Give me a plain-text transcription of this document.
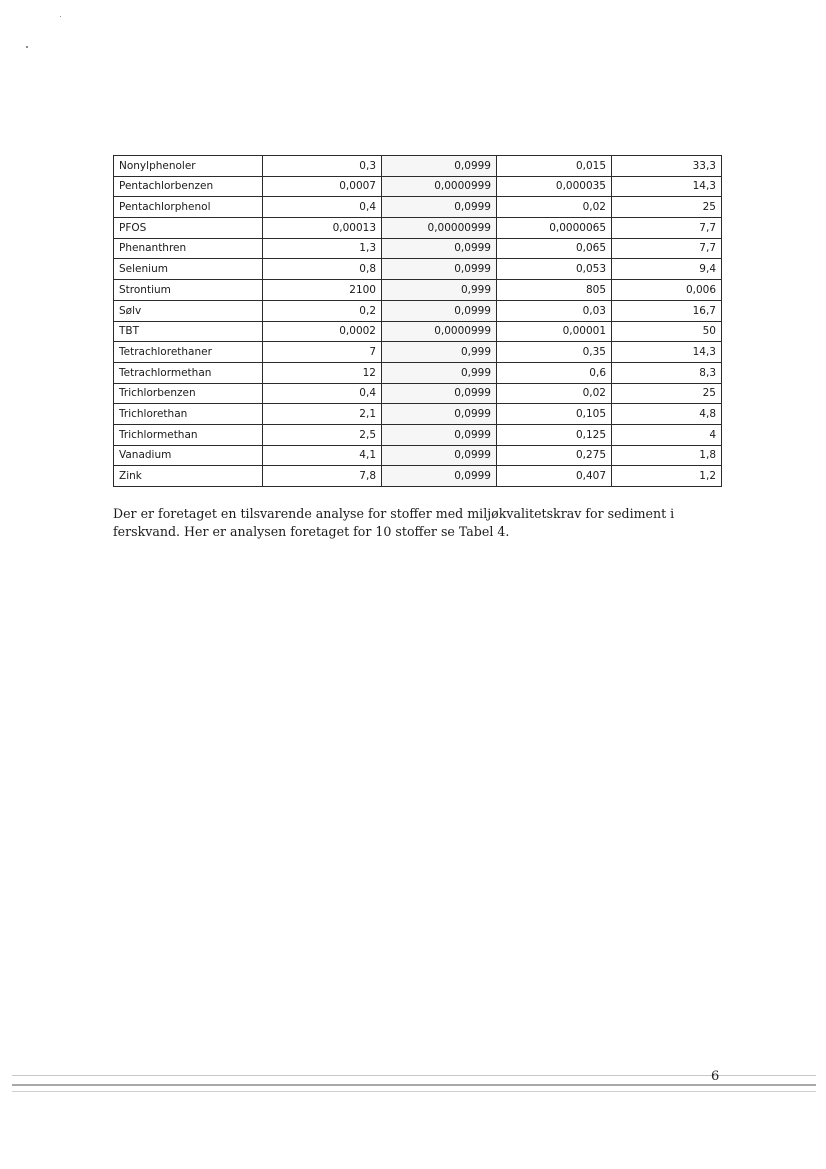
Nonylphenoler	0,3	0,0999	0,015	33,3
Pentachlorbenzen	0,0007	0,0000999	0,000035	14,3
Pentachlorphenol	0,4	0,0999	0,02	25
PFOS	0,00013	0,00000999	0,0000065	7,7
Phenanthren	1,3	0,0999	0,065	7,7
Selenium	0,8	0,0999	0,053	9,4
Strontium	2100	0,999	805	0,006
Sølv	0,2	0,0999	0,03	16,7
TBT	0,0002	0,0000999	0,00001	50
Tetrachlorethaner	7	0,999	0,35	14,3
Tetrachlormethan	12	0,999	0,6	8,3
Trichlorbenzen	0,4	0,0999	0,02	25
Trichlorethan	2,1	0,0999	0,105	4,8
Trichlormethan	2,5	0,0999	0,125	4
Vanadium	4,1	0,0999	0,275	1,8
Zink	7,8	0,0999	0,407	1,2

Der er foretaget en tilsvarende analyse for stoffer med miljøkvalitetskrav for sediment i ferskvand. Her er analysen foretaget for 10 stoffer se Tabel 4.

6
